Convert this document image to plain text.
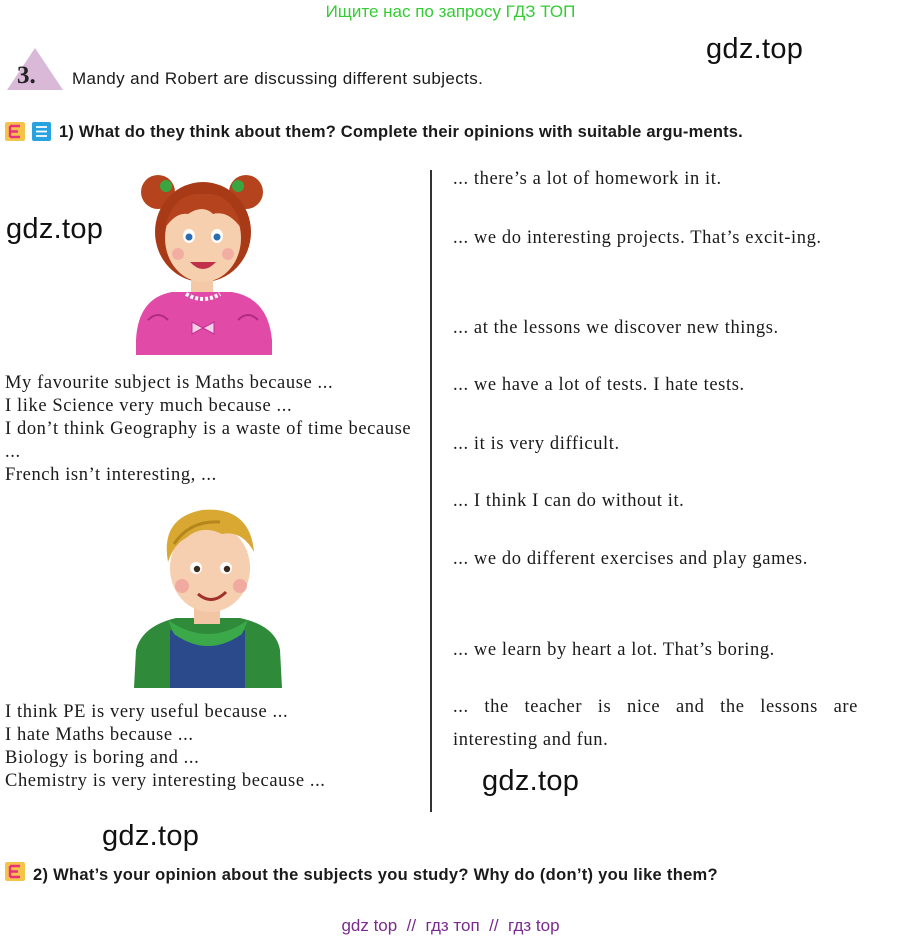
Ищите нас по запросу ГДЗ ТОП
gdz.top
gdz.top
gdz.top
gdz.top
3. Mandy and Robert are discussing different subjects.
1) What do they think about them? Complete their opinions with suitable argu-ments.
My favourite subject is Maths because ...
I like Science very much because ...
I don’t think Geography is a waste of time because ...
French isn’t interesting, ...
I think PE is very useful because ...
I hate Maths because ...
Biology is boring and ...
Chemistry is very interesting because ...
... there’s a lot of homework in it.
... we do interesting projects. That’s excit-ing.
... at the lessons we discover new things.
... we have a lot of tests. I hate tests.
... it is very difficult.
... I think I can do without it.
... we do different exercises and play games.
... we learn by heart a lot. That’s boring.
... the teacher is nice and the lessons are interesting and fun.
2) What’s your opinion about the subjects you study? Why do (don’t) you like them?
gdz top  //  гдз топ  //  гдз top
